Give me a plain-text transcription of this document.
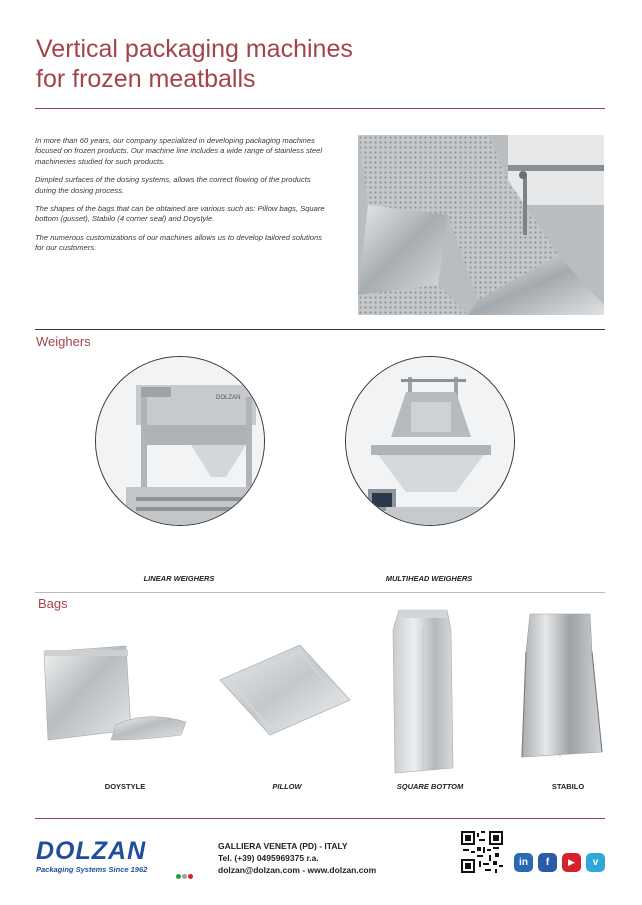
Vertical packaging machines
for frozen meatballs

In more than 60 years, our company specialized in developing packaging machines focused on frozen products. Our machine line includes a wide range of stainless steel machineries studied for such products.

Dimpled surfaces of the dosing systems, allows the correct flowing of the products during the dosing process.

The shapes of the bags that can be obtained are various such as: Pillow bags, Square bottom (gusset), Stabilo (4 corner seal) and Doystyle.

The numerous customizations of our machines allows us to develop tailored solutions for our customers.

Weighers
DOLZAN
LINEAR WEIGHERS	MULTIHEAD WEIGHERS
Bags
DOYSTYLE	PILLOW	SQUARE BOTTOM	STABILO
DOLZAN
Packaging Systems Since 1962
GALLIERA VENETA (PD) - ITALY
Tel. (+39) 0495969375 r.a.
dolzan@dolzan.com - www.dolzan.com
in	f	▶	v
